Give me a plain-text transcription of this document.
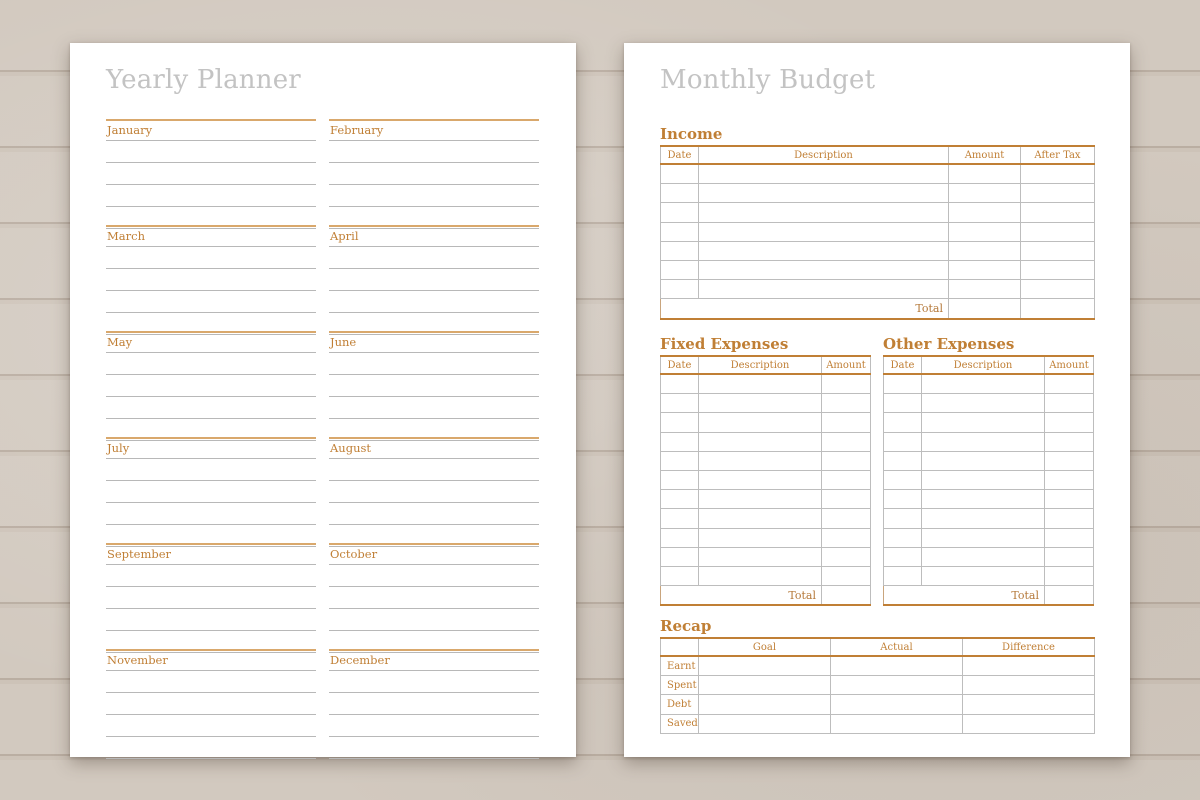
Yearly Planner
January	February
March	April
May	June
July	August
September	October
November	December
Monthly Budget
Income
Date	Description	Amount	After Tax

Total			
Fixed Expenses
Date	Description	Amount

Total		
Other Expenses
Date	Description	Amount

Total		
Recap
	Goal	Actual	Difference
Earnt			
Spent			
Debt			
Saved			
